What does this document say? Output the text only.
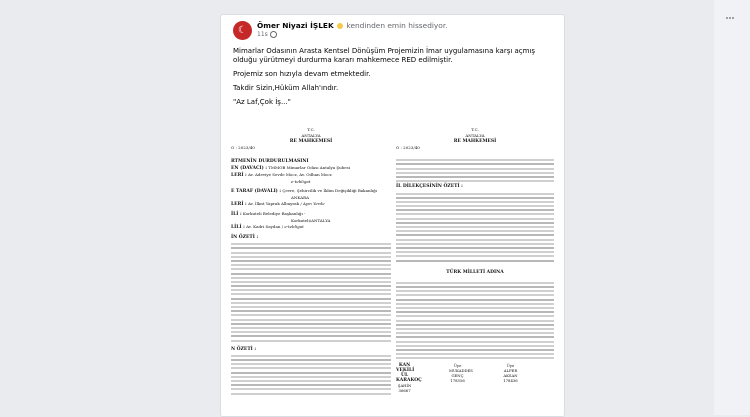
☾	Ömer Niyazi İŞLEK kendinden emin hissediyor.
11s

Mimarlar Odasının Arasta Kentsel Dönüşüm Projemizin İmar uygulamasına karşı açmış olduğu yürütmeyi durdurma kararı mahkemece RED edilmiştir.

Projemiz son hızıyla devam etmektedir.

Takdir Sizin,Hüküm Allah'ındır.

"Az Laf,Çok İş..."

T.C.
ANTALYA
RE MAHKEMESİ
O : 2023/40
RTMENİN DURDURULMASINI
EN (DAVACI) : TMMOB Mimarlar Odası Antalya Şubesi
LERİ : Av. Adeviye Sevde Mocz, Av. Odhan Mocz
e-tebligat
E TARAF (DAVALI) : Çevre, Şehircilik ve İklim Değişikliği Bakanlığı
ANKARA
LERİ : Av. İlknt Yaprak Albayrak / Aym Yerde
İLİ : Korkuteli Belediye Başkanlığı -
Korkuteli/ANTALYA
LİLİ : Av. Kadri Saydan / e-tebligat
İN ÖZETİ :
N ÖZETİ :
T.C.
ANTALYA
RE MAHKEMESİ
O : 2023/40
İL DİLEKÇESİNİN ÖZETİ :
TÜRK MİLLETİ ADINA
KAN VEKİLİ
ÜL KARAKOÇ
ŞAHİN
36667
Üye
MUKADDES GENÇ
178556
Üye
ALPER AKSAN
178436
